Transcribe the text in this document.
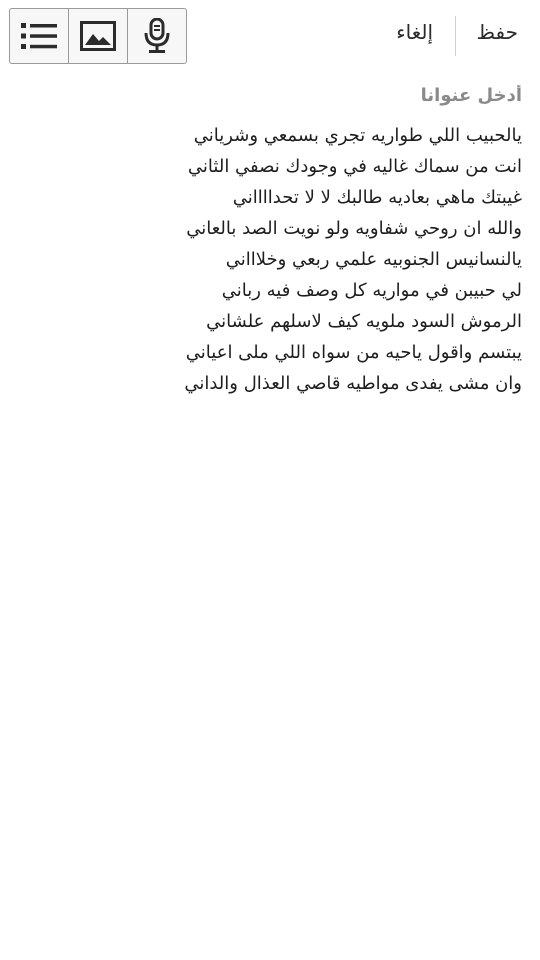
إلغاء حفظ
أدخل عنوانا
يالحبيب اللي طواريه تجري بسمعي وشرياني
انت من سماك غاليه في وجودك نصفي الثاني
غيبتك ماهي بعاديه طالبك لا لا تحدااااني
والله ان روحي شفاويه ولو نويت الصد بالعاني
يالنسانيس الجنوبيه علمي ربعي وخلاااني
لي حبيبن في مواريه كل وصف فيه رباني
الرموش السود ملويه كيف لاسلهم علشاني
يبتسم واقول ياحيه من سواه اللي ملى اعياني
وان مشى يفدى مواطيه قاصي العذال والداني
